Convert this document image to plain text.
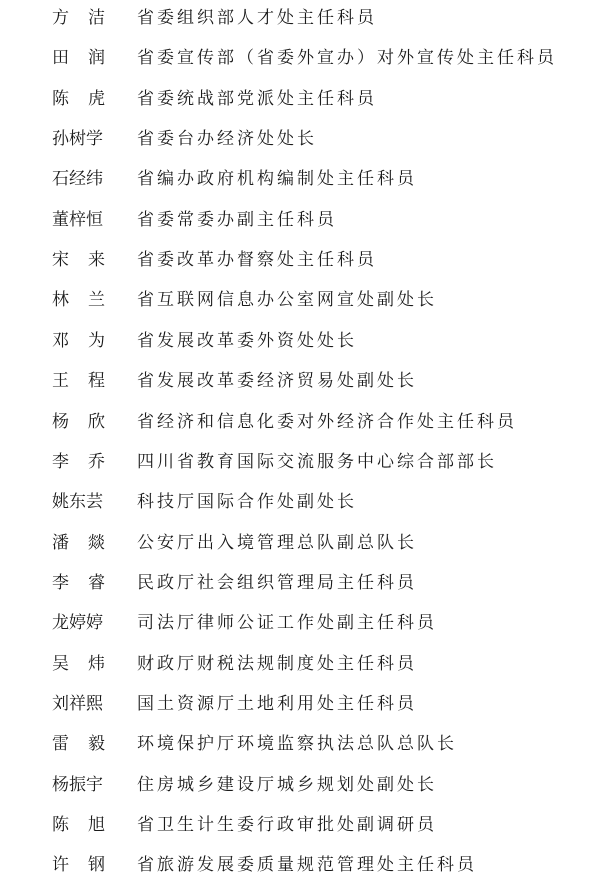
方洁 省委组织部人才处主任科员
田润 省委宣传部（省委外宣办）对外宣传处主任科员
陈虎 省委统战部党派处主任科员
孙树学	省委台办经济处处长
石经纬	省编办政府机构编制处主任科员
董梓恒	省委常委办副主任科员
宋来 省委改革办督察处主任科员
林兰 省互联网信息办公室网宣处副处长
邓为 省发展改革委外资处处长
王程 省发展改革委经济贸易处副处长
杨欣 省经济和信息化委对外经济合作处主任科员
李乔 四川省教育国际交流服务中心综合部部长
姚东芸	科技厅国际合作处副处长
潘燚 公安厅出入境管理总队副总队长
李睿 民政厅社会组织管理局主任科员
龙婷婷	司法厅律师公证工作处副主任科员
吴炜 财政厅财税法规制度处主任科员
刘祥熙	国土资源厅土地利用处主任科员
雷毅 环境保护厅环境监察执法总队总队长
杨振宇	住房城乡建设厅城乡规划处副处长
陈旭 省卫生计生委行政审批处副调研员
许钢 省旅游发展委质量规范管理处主任科员
